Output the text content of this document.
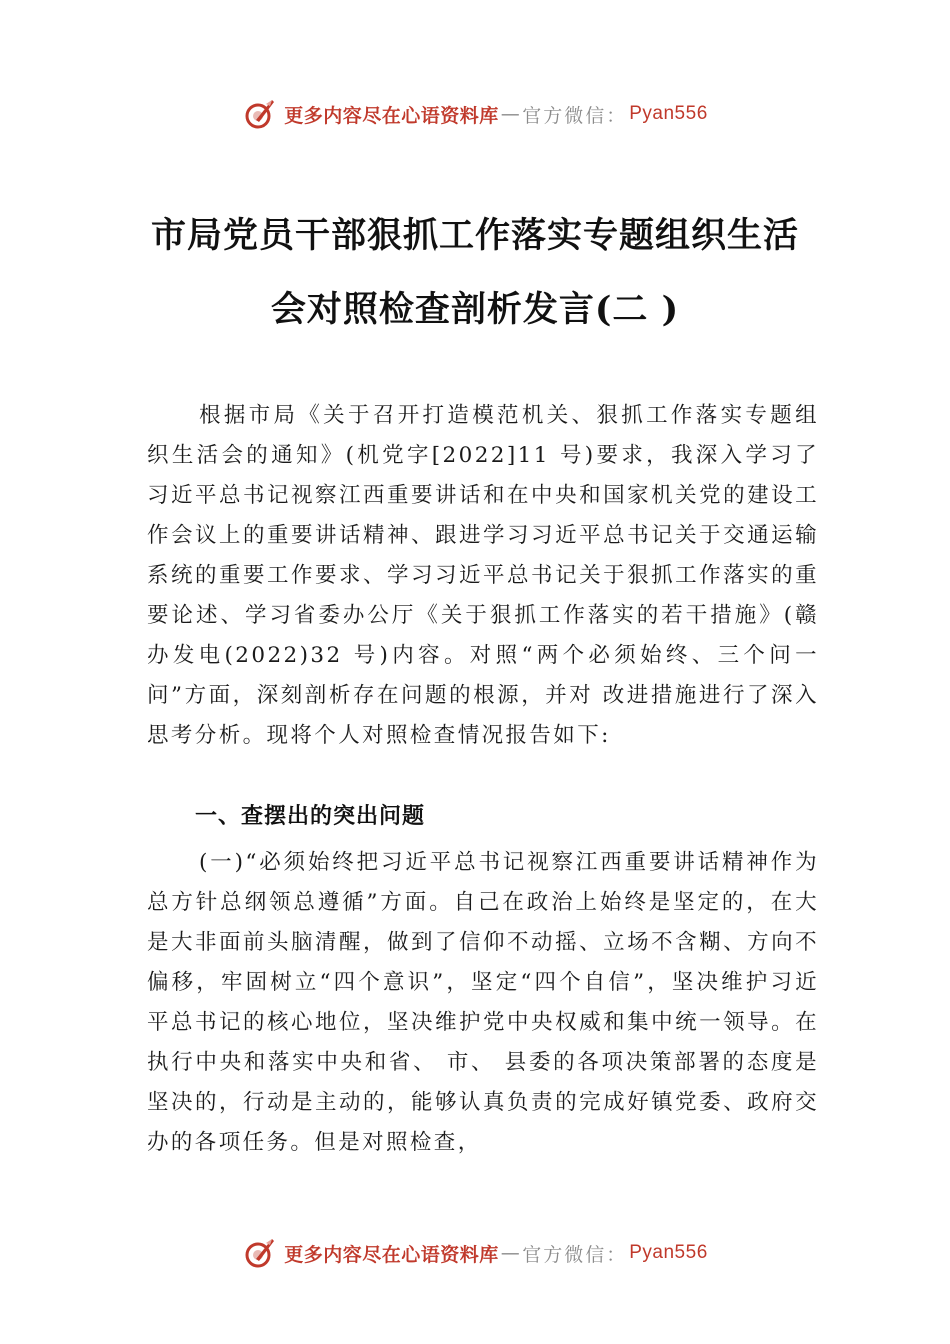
更多内容尽在心语资料库 — 官方微信： Pyan556
市局党员干部狠抓工作落实专题组织生活
会对照检查剖析发言(二 )
根据市局《关于召开打造模范机关、狠抓工作落实专题组织生活会的通知》(机党字[2022]11 号)要求，我深入学习了习近平总书记视察江西重要讲话和在中央和国家机关党的建设工作会议上的重要讲话精神、跟进学习习近平总书记关于交通运输系统的重要工作要求、学习习近平总书记关于狠抓工作落实的重要论述、学习省委办公厅《关于狠抓工作落实的若干措施》(赣办发电(2022)32 号)内容。对照“两个必须始终、三个问一问”方面，深刻剖析存在问题的根源，并对 改进措施进行了深入思考分析。现将个人对照检查情况报告如下:
一、查摆出的突出问题
(一)“必须始终把习近平总书记视察江西重要讲话精神作为总方针总纲领总遵循”方面。自己在政治上始终是坚定的，在大是大非面前头脑清醒，做到了信仰不动摇、立场不含糊、方向不偏移，牢固树立“四个意识”，坚定“四个自信”，坚决维护习近平总书记的核心地位，坚决维护党中央权威和集中统一领导。在执行中央和落实中央和省、 市、 县委的各项决策部署的态度是坚决的，行动是主动的，能够认真负责的完成好镇党委、政府交办的各项任务。但是对照检查，
更多内容尽在心语资料库 — 官方微信： Pyan556
